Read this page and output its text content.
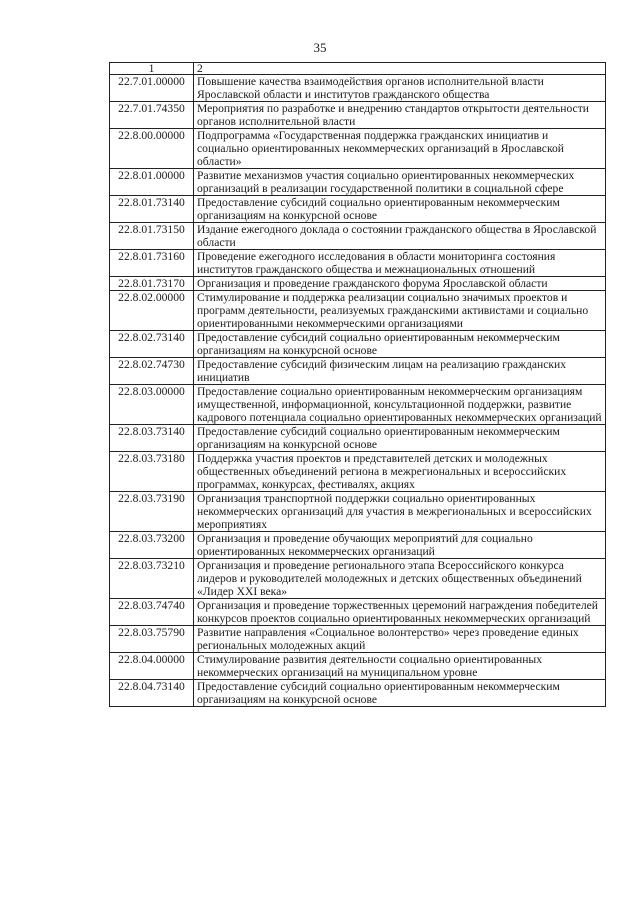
35
1	2
22.7.01.00000	Повышение качества взаимодействия органов исполнительной власти Ярославской области и институтов гражданского общества
22.7.01.74350	Мероприятия по разработке и внедрению стандартов открытости деятельности органов исполнительной власти
22.8.00.00000	Подпрограмма «Государственная поддержка гражданских инициатив и социально ориентированных некоммерческих организаций в Ярославской области»
22.8.01.00000	Развитие механизмов участия социально ориентированных некоммерческих организаций в реализации государственной политики в социальной сфере
22.8.01.73140	Предоставление субсидий социально ориентированным некоммерческим организациям на конкурсной основе
22.8.01.73150	Издание ежегодного доклада о состоянии гражданского общества в Ярославской области
22.8.01.73160	Проведение ежегодного исследования в области мониторинга состояния институтов гражданского общества и межнациональных отношений
22.8.01.73170	Организация и проведение гражданского форума Ярославской области
22.8.02.00000	Стимулирование и поддержка реализации социально значимых проектов и программ деятельности, реализуемых гражданскими активистами и социально ориентированными некоммерческими организациями
22.8.02.73140	Предоставление субсидий социально ориентированным некоммерческим организациям на конкурсной основе
22.8.02.74730	Предоставление субсидий физическим лицам на реализацию гражданских инициатив
22.8.03.00000	Предоставление социально ориентированным некоммерческим организациям имущественной, информационной, консультационной поддержки, развитие кадрового потенциала социально ориентированных некоммерческих организаций
22.8.03.73140	Предоставление субсидий социально ориентированным некоммерческим организациям на конкурсной основе
22.8.03.73180	Поддержка участия проектов и представителей детских и молодежных общественных объединений региона в межрегиональных и всероссийских программах, конкурсах, фестивалях, акциях
22.8.03.73190	Организация транспортной поддержки социально ориентированных некоммерческих организаций для участия в межрегиональных и всероссийских мероприятиях
22.8.03.73200	Организация и проведение обучающих мероприятий для социально ориентированных некоммерческих организаций
22.8.03.73210	Организация и проведение регионального этапа Всероссийского конкурса лидеров и руководителей молодежных и детских общественных объединений «Лидер XXI века»
22.8.03.74740	Организация и проведение торжественных церемоний награждения победителей конкурсов проектов социально ориентированных некоммерческих организаций
22.8.03.75790	Развитие направления «Социальное волонтерство» через проведение единых региональных молодежных акций
22.8.04.00000	Стимулирование развития деятельности социально ориентированных некоммерческих организаций на муниципальном уровне
22.8.04.73140	Предоставление субсидий социально ориентированным некоммерческим организациям на конкурсной основе
